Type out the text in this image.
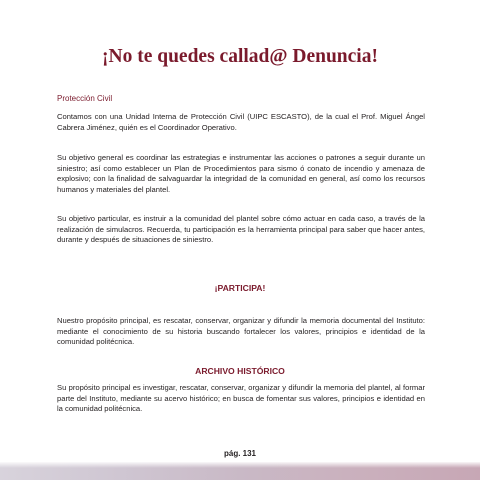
¡No te quedes callad@ Denuncia!
Protección Civil

Contamos con una Unidad Interna de Protección Civil (UIPC ESCASTO), de la cual el Prof. Miguel Ángel Cabrera Jiménez, quién es el Coordinador Operativo.

Su objetivo general es coordinar las estrategias e instrumentar las acciones o patrones a seguir durante un siniestro; así como establecer un Plan de Procedimientos para sismo ó conato de incendio y amenaza de explosivo; con la finalidad de salvaguardar la integridad de la comunidad en general, así como los recursos humanos y materiales del plantel.

Su objetivo particular, es instruir a la comunidad del plantel sobre cómo actuar en cada caso, a través de la realización de simulacros. Recuerda, tu participación es la herramienta principal para saber que hacer antes, durante y después de situaciones de siniestro.

¡PARTICIPA!

Nuestro propósito principal, es rescatar, conservar, organizar y difundir la memoria documental del Instituto: mediante el conocimiento de su historia buscando fortalecer los valores, principios e identidad de la comunidad politécnica.

ARCHIVO HISTÓRICO

Su propósito principal es investigar, rescatar, conservar, organizar y difundir la memoria del plantel, al formar parte del Instituto, mediante su acervo histórico; en busca de fomentar sus valores, principios e identidad en la comunidad politécnica.

pág. 131
